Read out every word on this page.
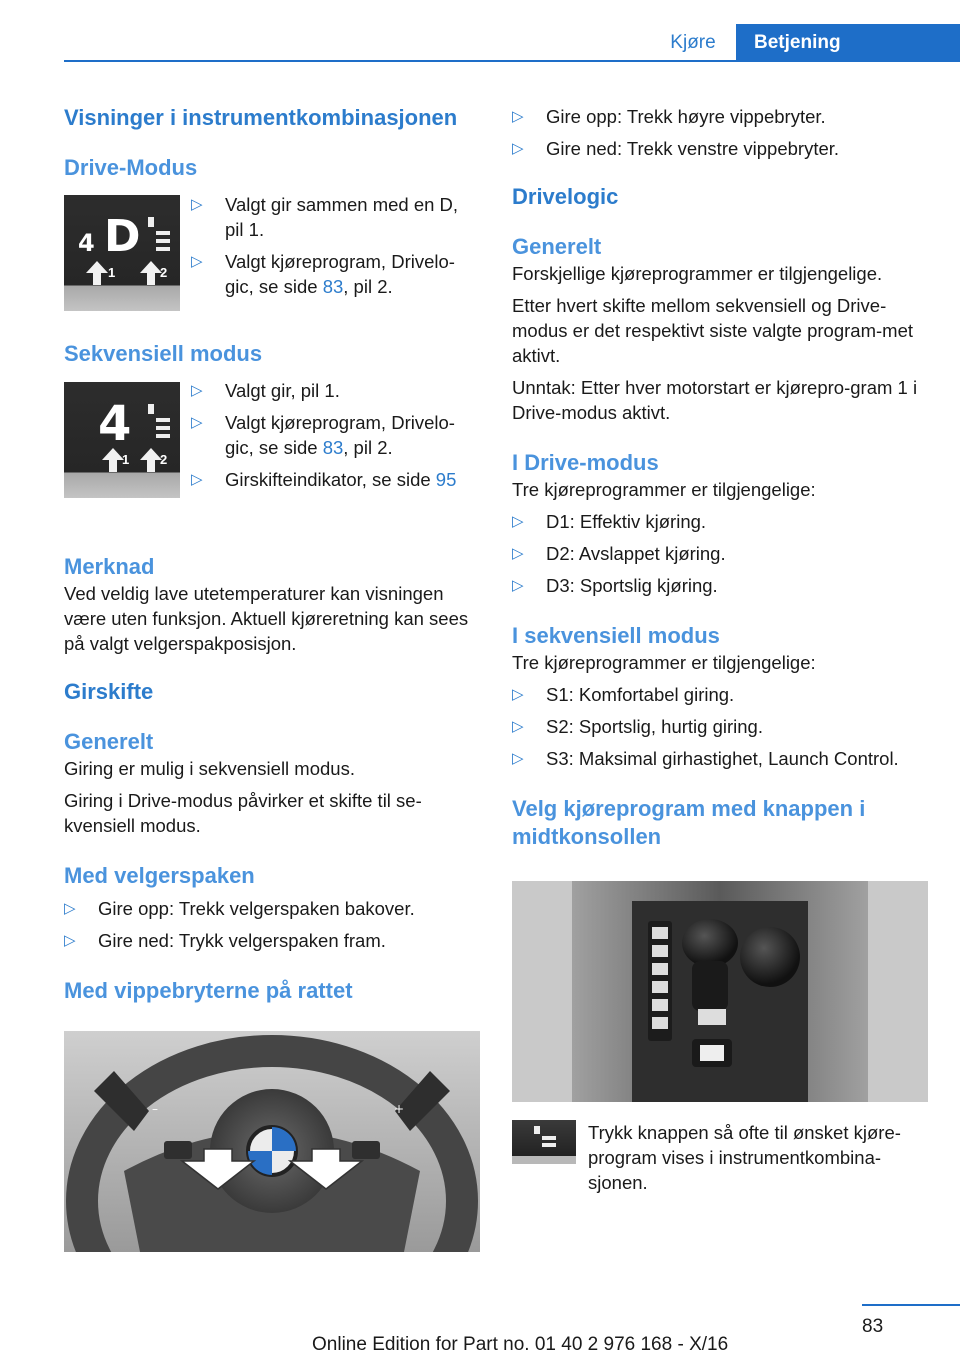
Kjøre	Betjening
Visninger i instrumentkombinasjonen
Drive-Modus
4 D
1	2
▷ Valgt gir sammen med en D, pil 1.
▷ Valgt kjøreprogram, Drivelo‐gic, se side 83, pil 2.
Sekvensiell modus
4
1 2
▷ Valgt gir, pil 1.
▷ Valgt kjøreprogram, Drivelo‐gic, se side 83, pil 2.
▷ Girskifteindikator, se side 95
Merknad
Ved veldig lave utetemperaturer kan visningen være uten funksjon. Aktuell kjøreretning kan sees på valgt velgerspakposisjon.
Girskifte
Generelt
Giring er mulig i sekvensiell modus.
Giring i Drive-modus påvirker et skifte til se‐kvensiell modus.
Med velgerspaken
▷ Gire opp: Trekk velgerspaken bakover.
▷ Gire ned: Trykk velgerspaken fram.
Med vippebryterne på rattet
–	+
▷ Gire opp: Trekk høyre vippebryter.
▷ Gire ned: Trekk venstre vippebryter.
Drivelogic
Generelt
Forskjellige kjøreprogrammer er tilgjengelige.
Etter hvert skifte mellom sekvensiell og Drive-modus er det respektivt siste valgte program‐met aktivt.
Unntak: Etter hver motorstart er kjørepro‐gram 1 i Drive-modus aktivt.
I Drive-modus
Tre kjøreprogrammer er tilgjengelige:
▷ D1: Effektiv kjøring.
▷ D2: Avslappet kjøring.
▷ D3: Sportslig kjøring.
I sekvensiell modus
Tre kjøreprogrammer er tilgjengelige:
▷ S1: Komfortabel giring.
▷ S2: Sportslig, hurtig giring.
▷ S3: Maksimal girhastighet, Launch Control.
Velg kjøreprogram med knappen i midtkonsollen
Trykk knappen så ofte til ønsket kjøre‐program vises i instrumentkombina‐sjonen.
83
Online Edition for Part no. 01 40 2 976 168 - X/16
